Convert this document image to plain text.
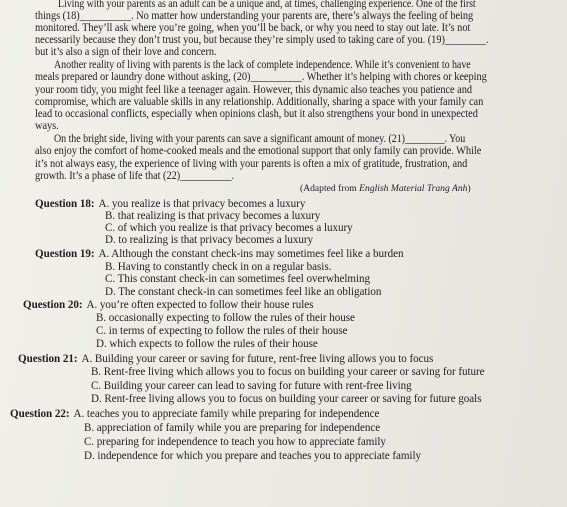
Living with your parents as an adult can be a unique and, at times, challenging experience. One of the first
things (18)__________. No matter how understanding your parents are, there’s always the feeling of being
monitored. They’ll ask where you’re going, when you’ll be back, or why you need to stay out late. It’s not
necessarily because they don’t trust you, but because they’re simply used to taking care of you. (19)________.
but it’s also a sign of their love and concern.
Another reality of living with parents is the lack of complete independence. While it’s convenient to have
meals prepared or laundry done without asking, (20)__________. Whether it’s helping with chores or keeping
your room tidy, you might feel like a teenager again. However, this dynamic also teaches you patience and
compromise, which are valuable skills in any relationship. Additionally, sharing a space with your family can
lead to occasional conflicts, especially when opinions clash, but it also strengthens your bond in unexpected
ways.
On the bright side, living with your parents can save a significant amount of money. (21)________. You
also enjoy the comfort of home-cooked meals and the emotional support that only family can provide. While
it’s not always easy, the experience of living with your parents is often a mix of gratitude, frustration, and
growth. It’s a phase of life that (22)__________.
(Adapted from English Material Trang Anh)
Question 18: A. you realize is that privacy becomes a luxury
B. that realizing is that privacy becomes a luxury
C. of which you realize is that privacy becomes a luxury
D. to realizing is that privacy becomes a luxury
Question 19: A. Although the constant check-ins may sometimes feel like a burden
B. Having to constantly check in on a regular basis.
C. This constant check-in can sometimes feel overwhelming
D. The constant check-in can sometimes feel like an obligation
Question 20: A. you’re often expected to follow their house rules
B. occasionally expecting to follow the rules of their house
C. in terms of expecting to follow the rules of their house
D. which expects to follow the rules of their house
Question 21: A. Building your career or saving for future, rent-free living allows you to focus
B. Rent-free living which allows you to focus on building your career or saving for future
C. Building your career can lead to saving for future with rent-free living
D. Rent-free living allows you to focus on building your career or saving for future goals
Question 22: A. teaches you to appreciate family while preparing for independence
B. appreciation of family while you are preparing for independence
C. preparing for independence to teach you how to appreciate family
D. independence for which you prepare and teaches you to appreciate family
